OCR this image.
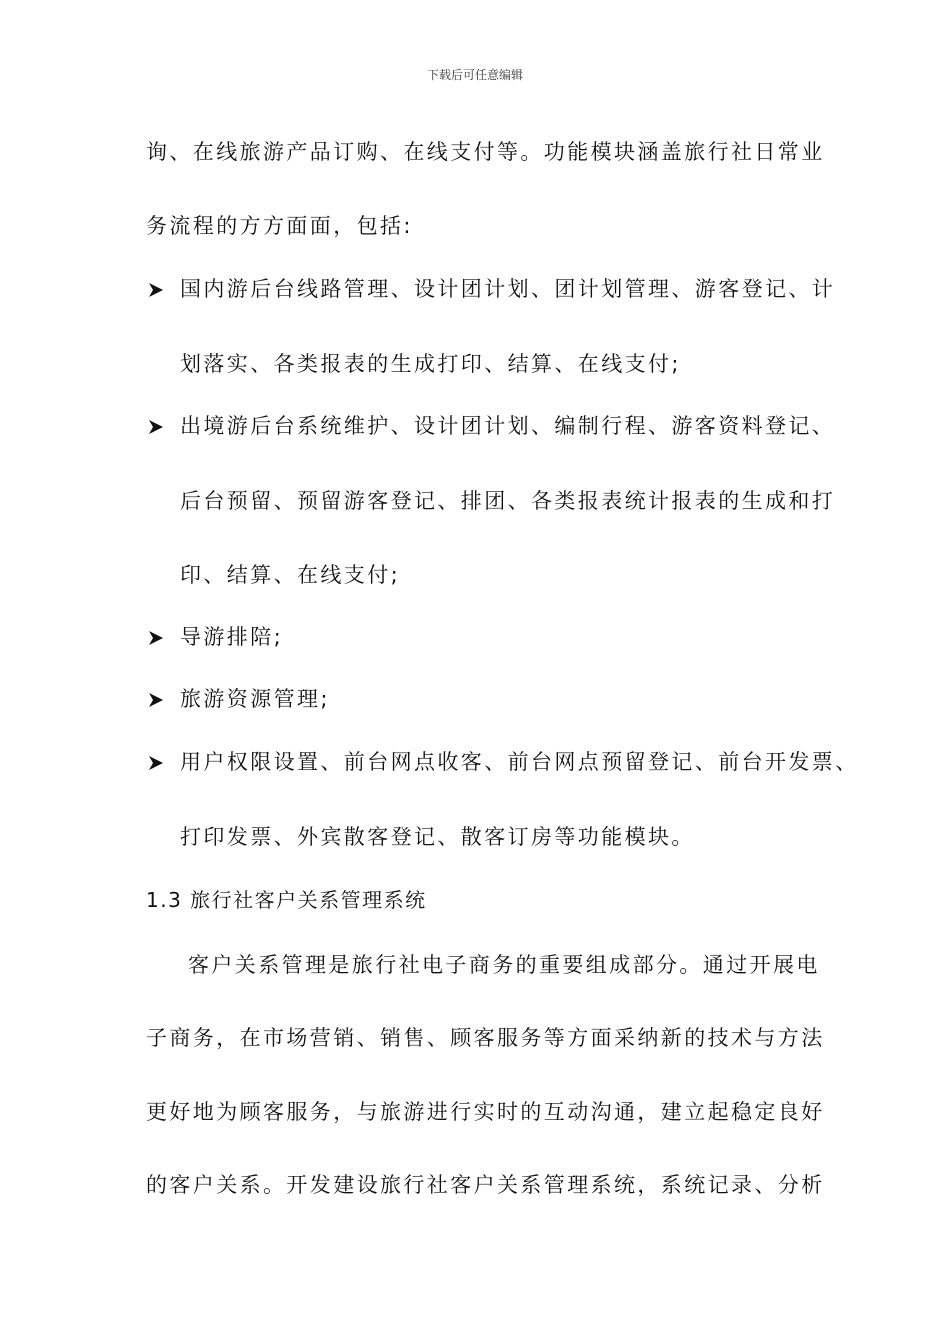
下载后可任意编辑
询、在线旅游产品订购、在线支付等。功能模块涵盖旅行社日常业
务流程的方方面面，包括:
国内游后台线路管理、设计团计划、团计划管理、游客登记、计
划落实、各类报表的生成打印、结算、在线支付;
出境游后台系统维护、设计团计划、编制行程、游客资料登记、
后台预留、预留游客登记、排团、各类报表统计报表的生成和打
印、结算、在线支付;
导游排陪;
旅游资源管理;
用户权限设置、前台网点收客、前台网点预留登记、前台开发票、
打印发票、外宾散客登记、散客订房等功能模块。
1.3 旅行社客户关系管理系统
客户关系管理是旅行社电子商务的重要组成部分。通过开展电
子商务，在市场营销、销售、顾客服务等方面采纳新的技术与方法
更好地为顾客服务，与旅游进行实时的互动沟通，建立起稳定良好
的客户关系。开发建设旅行社客户关系管理系统，系统记录、分析
